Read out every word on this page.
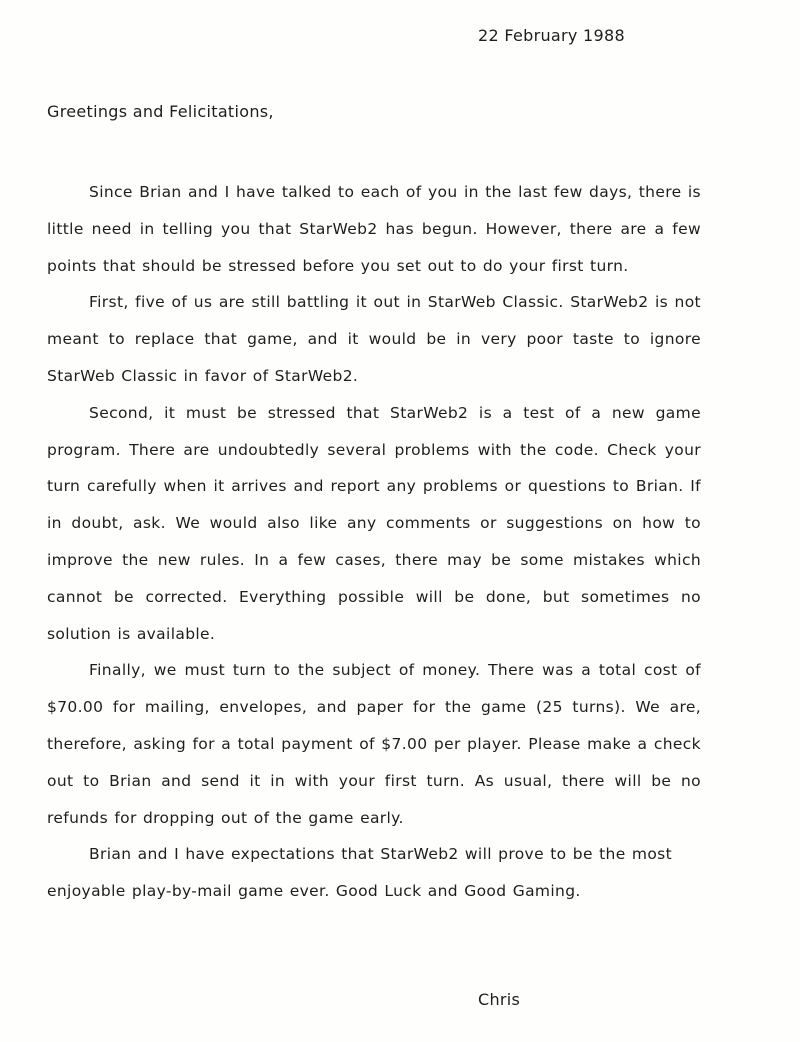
22 February 1988
Greetings and Felicitations,

Since Brian and I have talked to each of you in the last few days, there is little need in telling you that StarWeb2 has begun. However, there are a few points that should be stressed before you set out to do your first turn.

First, five of us are still battling it out in StarWeb Classic. StarWeb2 is not meant to replace that game, and it would be in very poor taste to ignore StarWeb Classic in favor of StarWeb2.

Second, it must be stressed that StarWeb2 is a test of a new game program. There are undoubtedly several problems with the code. Check your turn carefully when it arrives and report any problems or questions to Brian. If in doubt, ask. We would also like any comments or suggestions on how to improve the new rules. In a few cases, there may be some mistakes which cannot be corrected. Everything possible will be done, but sometimes no solution is available.

Finally, we must turn to the subject of money. There was a total cost of $70.00 for mailing, envelopes, and paper for the game (25 turns). We are, therefore, asking for a total payment of $7.00 per player. Please make a check out to Brian and send it in with your first turn. As usual, there will be no refunds for dropping out of the game early.

Brian and I have expectations that StarWeb2 will prove to be the most enjoyable play-by-mail game ever. Good Luck and Good Gaming.

Chris
